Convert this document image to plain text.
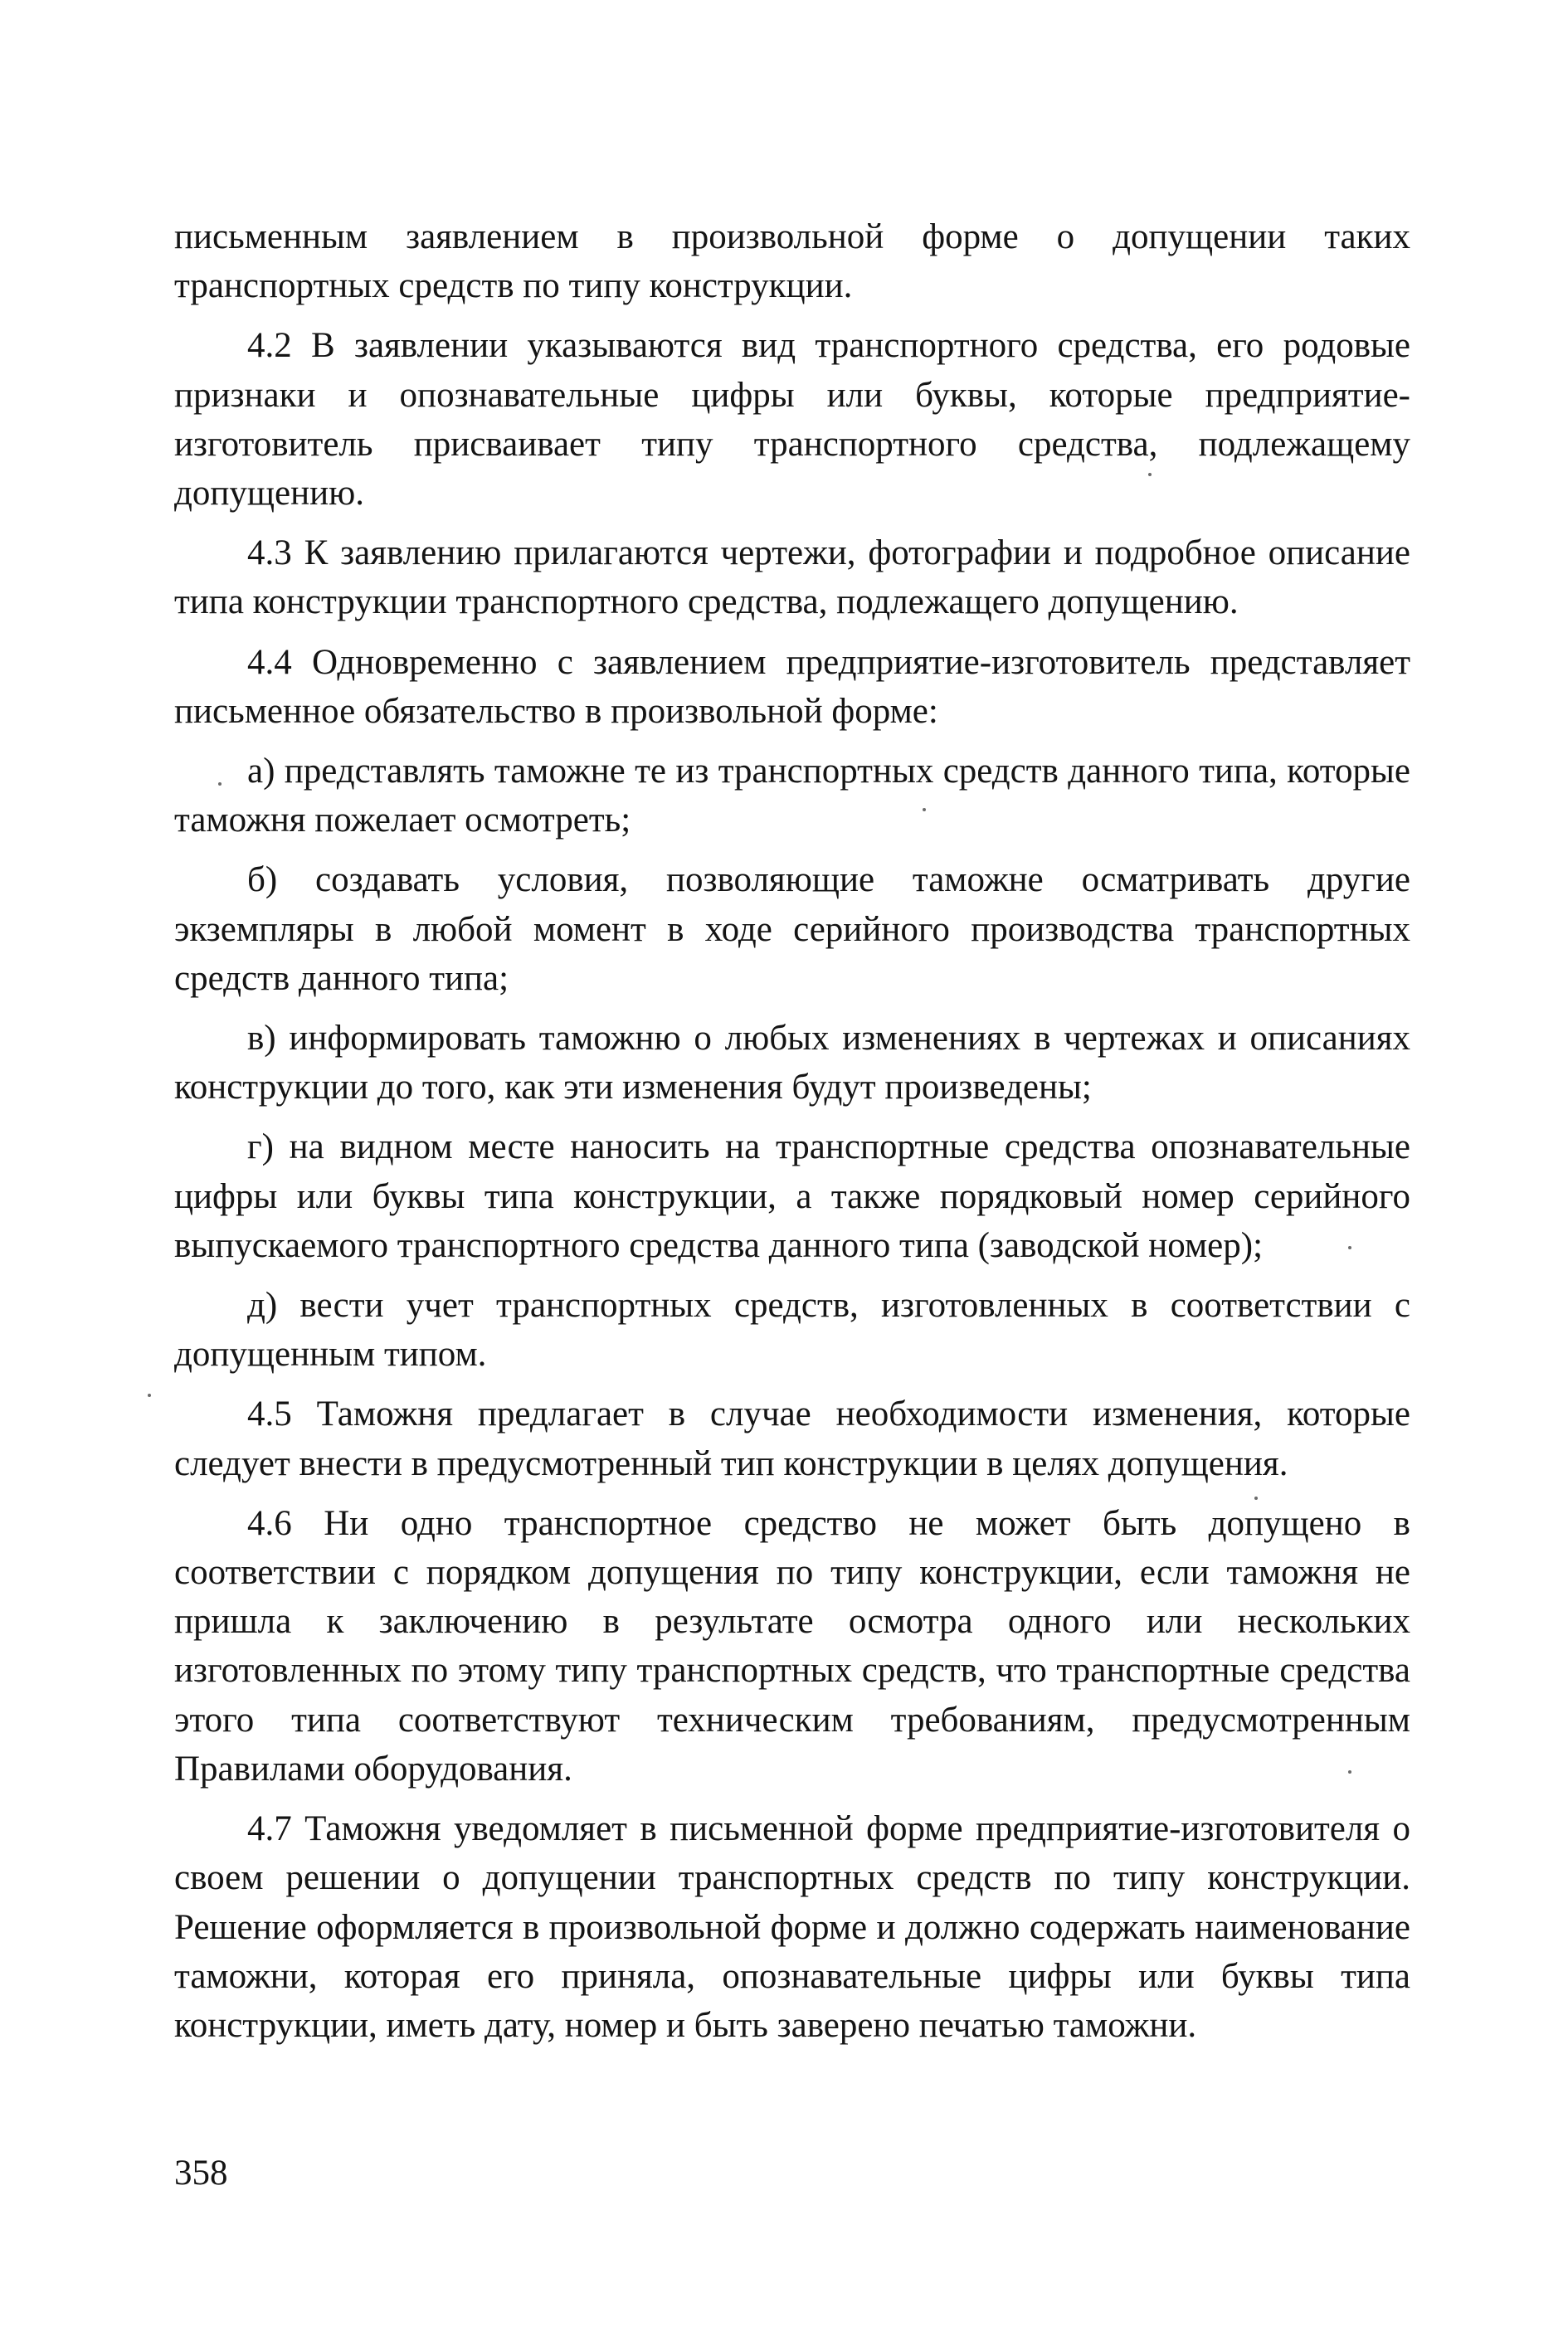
письменным заявлением в произвольной форме о допущении таких транспортных средств по типу конструкции.

4.2 В заявлении указываются вид транспортного средства, его родовые признаки и опознавательные цифры или буквы, которые предприятие-изготовитель присваивает типу транспортного средства, подлежащему допущению.

4.3 К заявлению прилагаются чертежи, фотографии и подробное описание типа конструкции транспортного средства, подлежащего допущению.

4.4 Одновременно с заявлением предприятие-изготовитель представляет письменное обязательство в произвольной форме:

а) представлять таможне те из транспортных средств данного типа, которые таможня пожелает осмотреть;

б) создавать условия, позволяющие таможне осматривать другие экземпляры в любой момент в ходе серийного производства транспортных средств данного типа;

в) информировать таможню о любых изменениях в чертежах и описаниях конструкции до того, как эти изменения будут произведены;

г) на видном месте наносить на транспортные средства опознавательные цифры или буквы типа конструкции, а также порядковый номер серийного выпускаемого транспортного средства данного типа (заводской номер);

д) вести учет транспортных средств, изготовленных в соответствии с допущенным типом.

4.5 Таможня предлагает в случае необходимости изменения, которые следует внести в предусмотренный тип конструкции в целях допущения.

4.6 Ни одно транспортное средство не может быть допущено в соответствии с порядком допущения по типу конструкции, если таможня не пришла к заключению в результате осмотра одного или нескольких изготовленных по этому типу транспортных средств, что транспортные средства этого типа соответствуют техническим требованиям, предусмотренным Правилами оборудования.

4.7 Таможня уведомляет в письменной форме предприятие-изготовителя о своем решении о допущении транспортных средств по типу конструкции. Решение оформляется в произвольной форме и должно содержать наименование таможни, которая его приняла, опознавательные цифры или буквы типа конструкции, иметь дату, номер и быть заверено печатью таможни.

358
